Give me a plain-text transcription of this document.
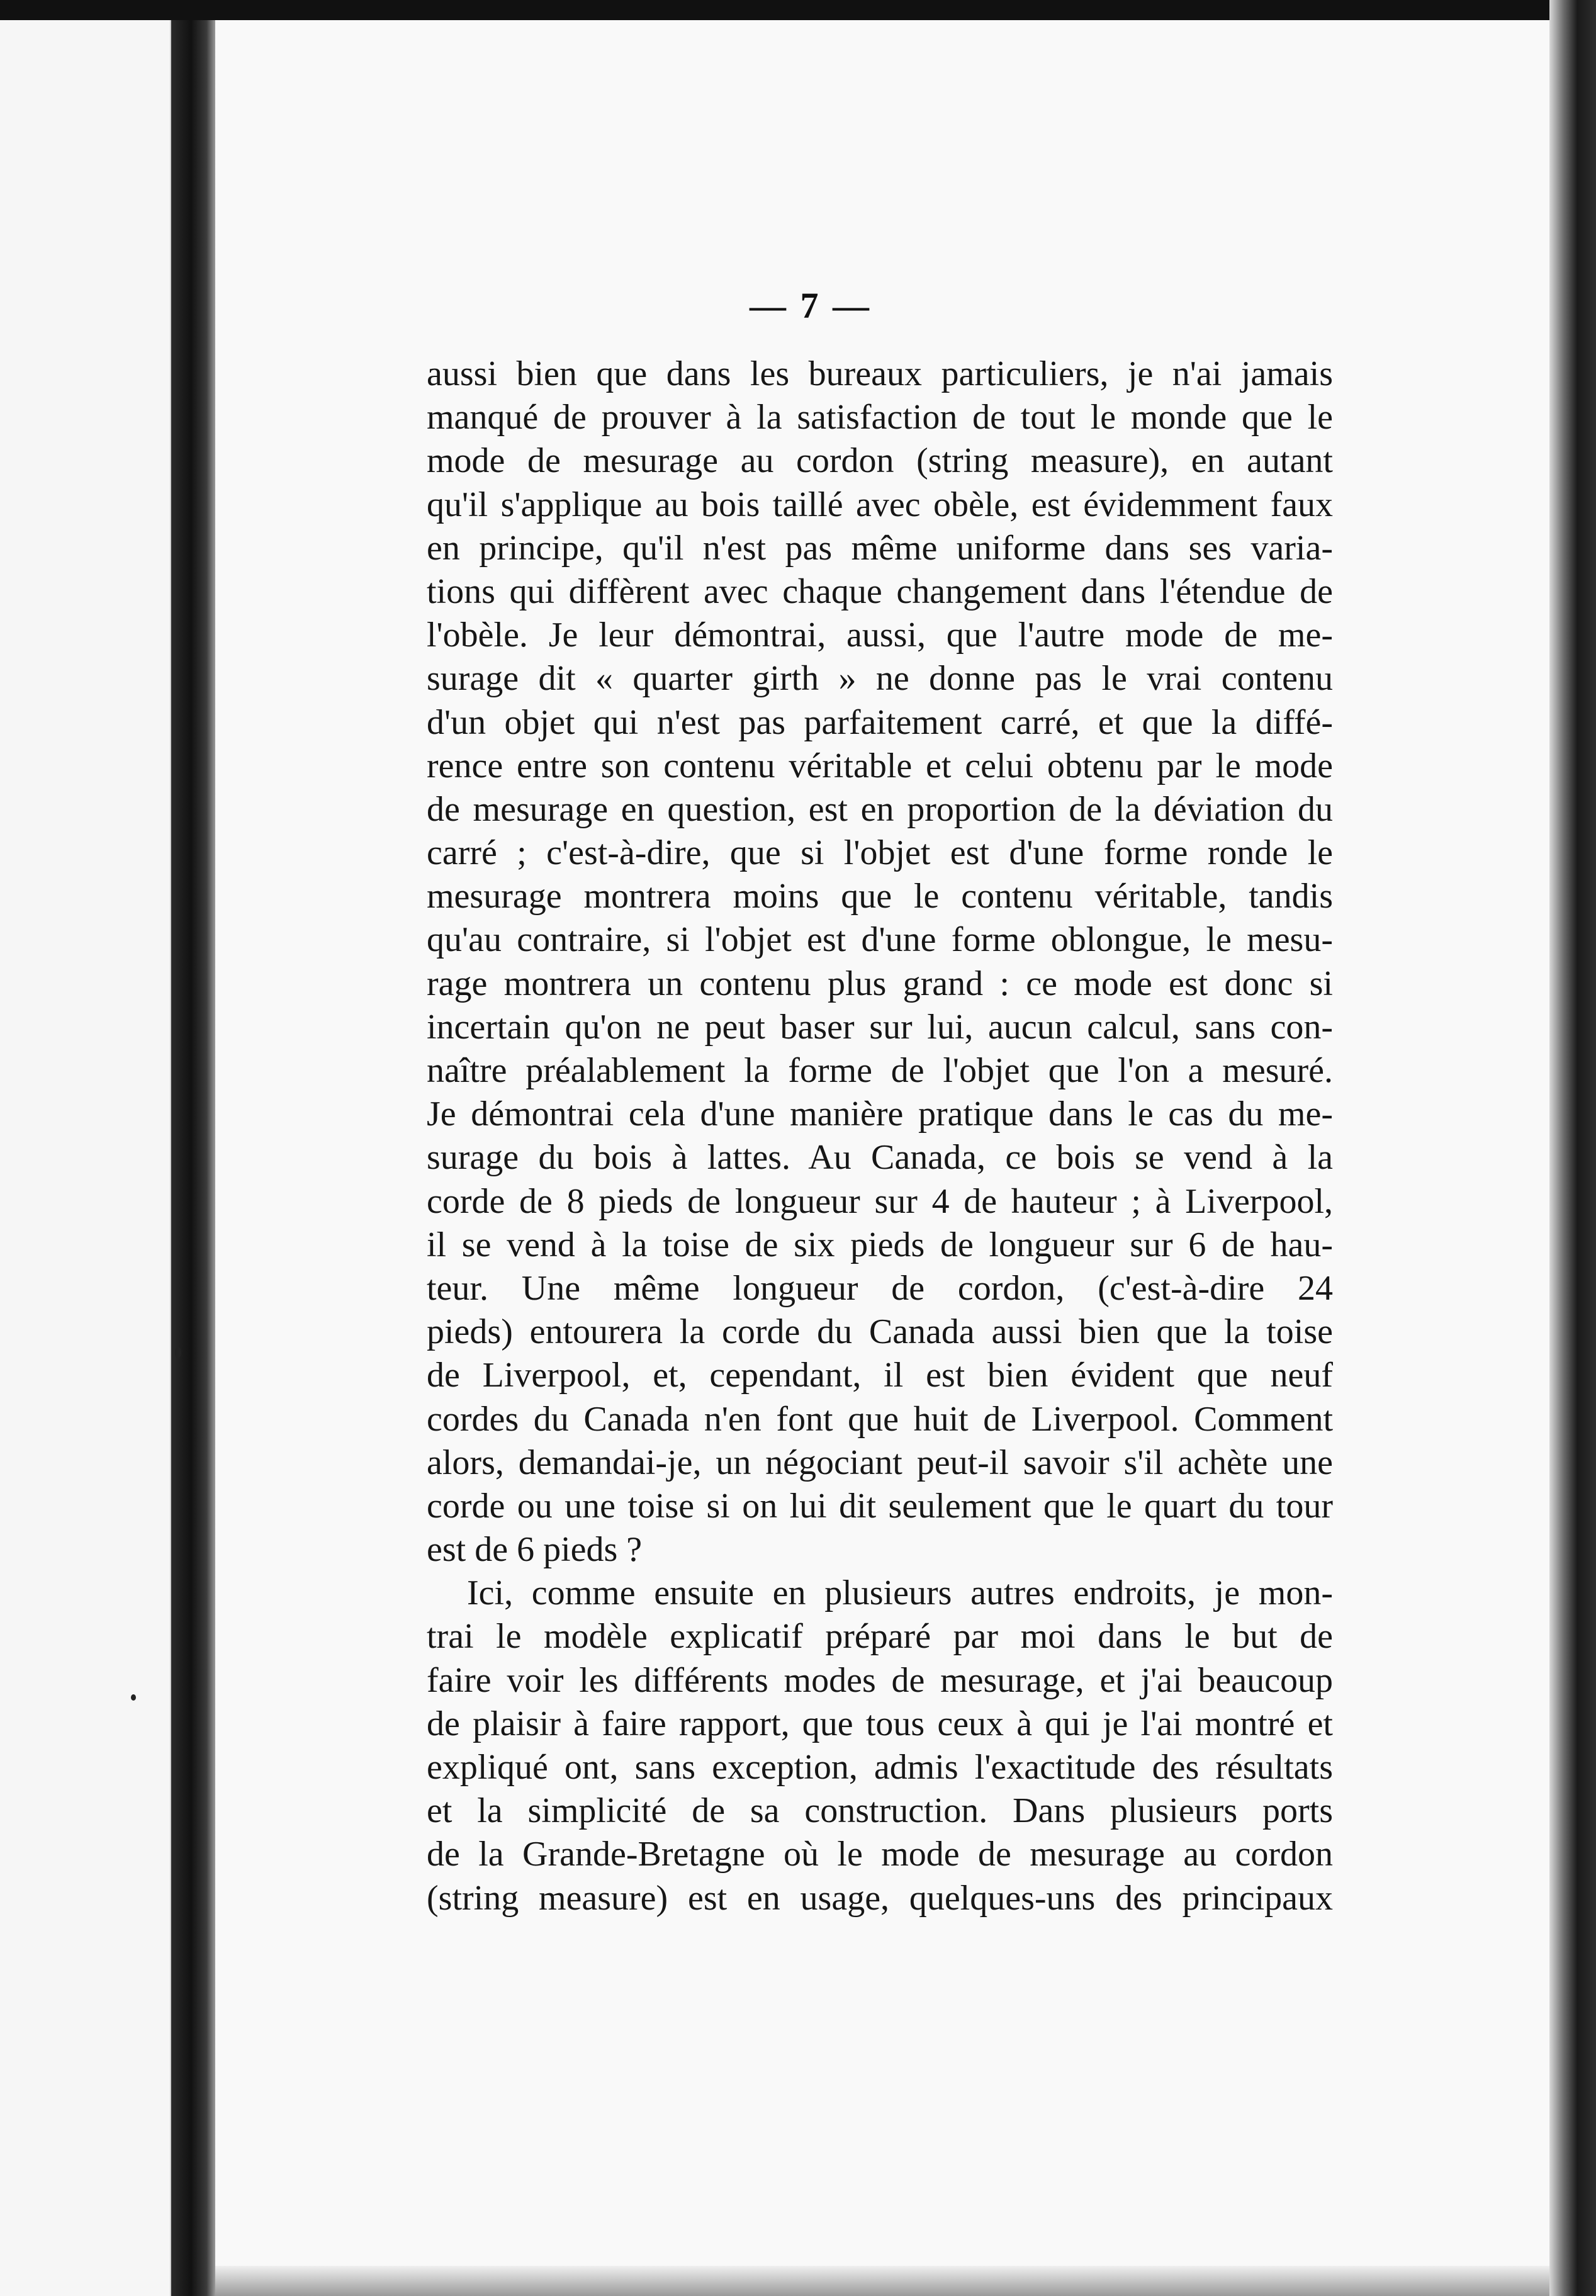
— 7 —

aussi bien que dans les bureaux particuliers, je n'ai jamais
manqué de prouver à la satisfaction de tout le monde que le
mode de mesurage au cordon (string measure), en autant
qu'il s'applique au bois taillé avec obèle, est évidemment faux
en principe, qu'il n'est pas même uniforme dans ses varia-
tions qui diffèrent avec chaque changement dans l'étendue de
l'obèle. Je leur démontrai, aussi, que l'autre mode de me-
surage dit « quarter girth » ne donne pas le vrai contenu
d'un objet qui n'est pas parfaitement carré, et que la diffé-
rence entre son contenu véritable et celui obtenu par le mode
de mesurage en question, est en proportion de la déviation du
carré ; c'est-à-dire, que si l'objet est d'une forme ronde le
mesurage montrera moins que le contenu véritable, tandis
qu'au contraire, si l'objet est d'une forme oblongue, le mesu-
rage montrera un contenu plus grand : ce mode est donc si
incertain qu'on ne peut baser sur lui, aucun calcul, sans con-
naître préalablement la forme de l'objet que l'on a mesuré.
Je démontrai cela d'une manière pratique dans le cas du me-
surage du bois à lattes. Au Canada, ce bois se vend à la
corde de 8 pieds de longueur sur 4 de hauteur ; à Liverpool,
il se vend à la toise de six pieds de longueur sur 6 de hau-
teur. Une même longueur de cordon, (c'est-à-dire 24
pieds) entourera la corde du Canada aussi bien que la toise
de Liverpool, et, cependant, il est bien évident que neuf
cordes du Canada n'en font que huit de Liverpool. Comment
alors, demandai-je, un négociant peut-il savoir s'il achète une
corde ou une toise si on lui dit seulement que le quart du tour
est de 6 pieds ?
Ici, comme ensuite en plusieurs autres endroits, je mon-
trai le modèle explicatif préparé par moi dans le but de
faire voir les différents modes de mesurage, et j'ai beaucoup
de plaisir à faire rapport, que tous ceux à qui je l'ai montré et
expliqué ont, sans exception, admis l'exactitude des résultats
et la simplicité de sa construction. Dans plusieurs ports
de la Grande-Bretagne où le mode de mesurage au cordon
(string measure) est en usage, quelques-uns des principaux
